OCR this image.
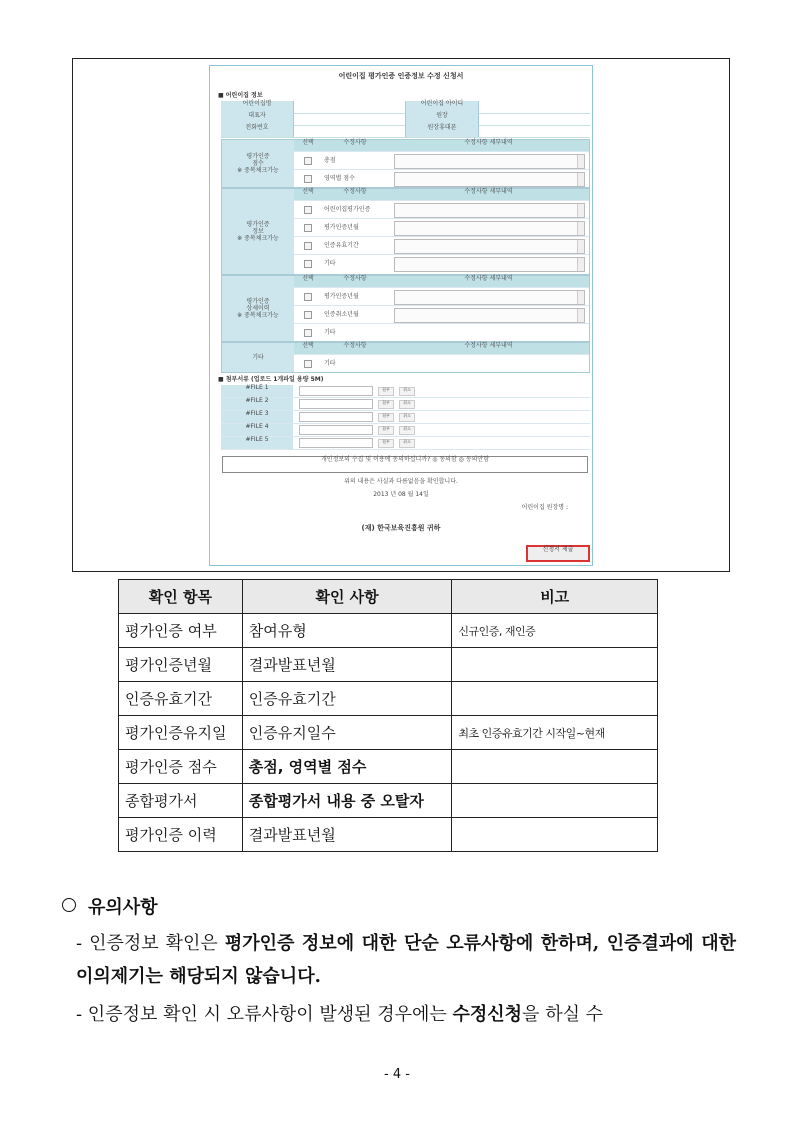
어린이집 평가인증 인증정보 수정 신청서
■ 어린이집 정보
어린이집명	어린이집 아이디
대표자	원장
전화번호	원장휴대폰
평가인증
점수
※ 중복체크가능
선택	수정사항	수정사항 세부내역
총점
영역별 점수
평가인증
정보
※ 중복체크가능
선택	수정사항	수정사항 세부내역
어린이집평가인증
평가인증년월
인증유효기간
기타
평가인증
상세이력
※ 중복체크가능
선택	수정사항	수정사항 세부내역
평가인증년월
인증취소년월
기타
기타
선택	수정사항	수정사항 세부내역
기타
■ 첨부서류 (업로드 1개파일 용량 5M)
#FILE 1	첨부	취소
#FILE 2	첨부	취소
#FILE 3	첨부	취소
#FILE 4	첨부	취소
#FILE 5	첨부	취소
개인정보의 수집 및 이용에 동의하십니까? ◎ 동의함 ◎ 동의안함
위의 내용은 사실과 다름없음을 확인합니다.
2013 년 08 월 14일
어린이집 원장명 :
(재) 한국보육진흥원 귀하
신청서 제출
확인 항목	확인 사항	비고
평가인증 여부	참여유형	신규인증, 재인증
평가인증년월	결과발표년월	
인증유효기간	인증유효기간	
평가인증유지일	인증유지일수	최초 인증유효기간 시작일~현재
평가인증 점수	총점, 영역별 점수	
종합평가서	종합평가서 내용 중 오탈자	
평가인증 이력	결과발표년월	
유의사항
- 인증정보 확인은 평가인증 정보에 대한 단순 오류사항에 한하며, 인증결과에 대한 이의제기는 해당되지 않습니다.
- 인증정보 확인 시 오류사항이 발생된 경우에는 수정신청을 하실 수
- 4 -
